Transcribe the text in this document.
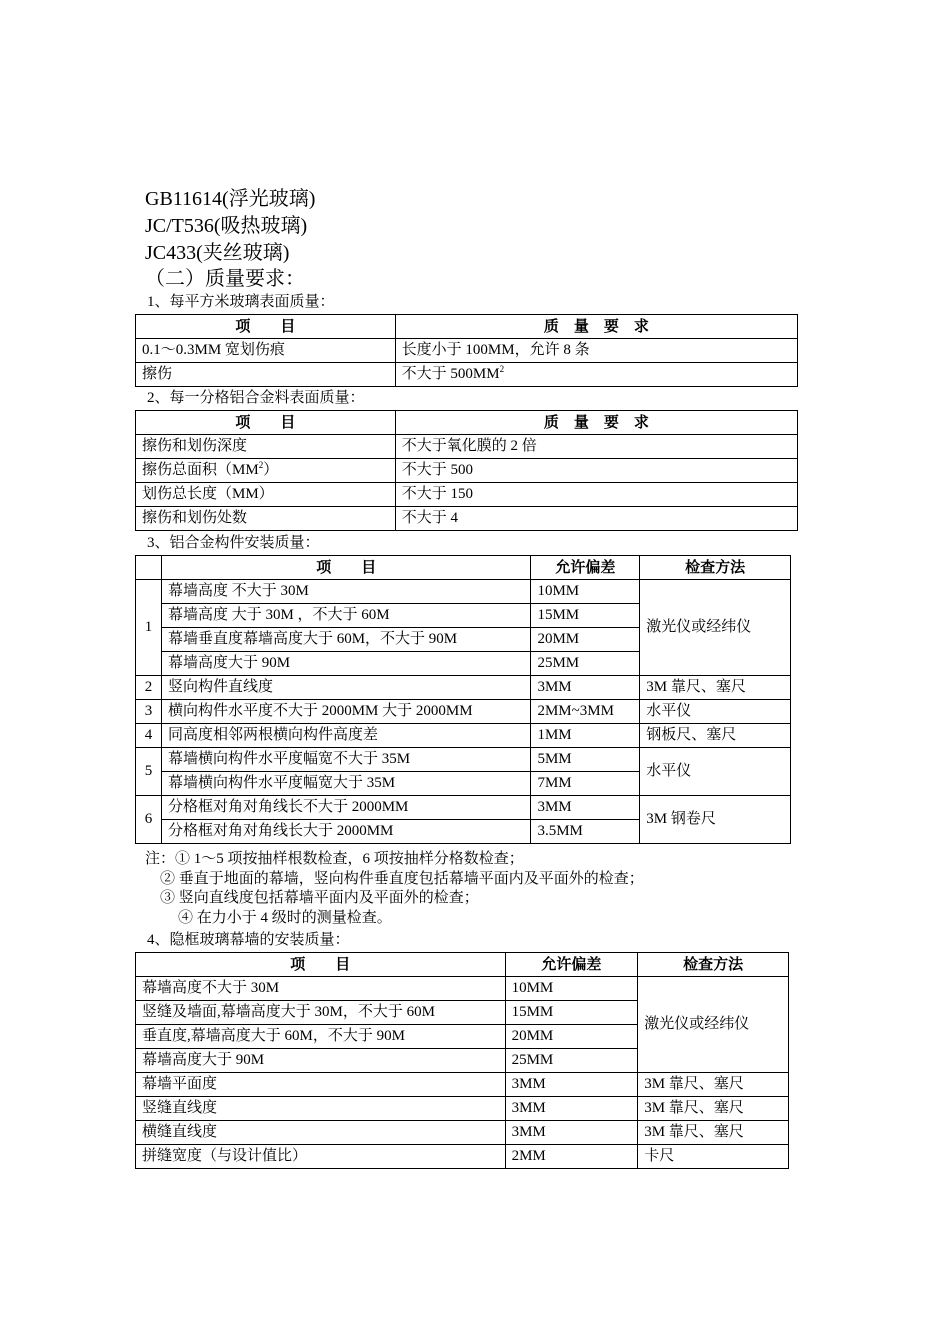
GB11614(浮光玻璃)
JC/T536(吸热玻璃)
JC433(夹丝玻璃)
（二）质量要求：
1、每平方米玻璃表面质量：
项　　目	质　量　要　求
0.1～0.3MM 宽划伤痕	长度小于 100MM，允许 8 条
擦伤	不大于 $500MM^2$
2、每一分格铝合金料表面质量：
项　　目	质　量　要　求
擦伤和划伤深度	不大于氧化膜的 2 倍
擦伤总面积$(MM^2)$	不大于 500
划伤总长度（MM）	不大于 150
擦伤和划伤处数	不大于 4
3、铝合金构件安装质量：
	项　　目	允许偏差	检查方法
1	幕墙高度 不大于 30M	10MM	激光仪或经纬仪
	幕墙高度 大于 30M ，不大于 60M	15MM	
	幕墙垂直度幕墙高度大于 60M，不大于 90M	20MM	
	幕墙高度大于 90M	25MM	
2	竖向构件直线度	3MM	3M 靠尺、塞尺
3	横向构件水平度不大于 2000MM 大于 2000MM	2MM~3MM	水平仪
4	同高度相邻两根横向构件高度差	1MM	钢板尺、塞尺
5	幕墙横向构件水平度幅宽不大于 35M	5MM	水平仪
	幕墙横向构件水平度幅宽大于 35M	7MM	
6	分格框对角对角线长不大于 2000MM	3MM	3M 钢卷尺
	分格框对角对角线长大于 2000MM	3.5MM	
注：① 1～5 项按抽样根数检查，6 项按抽样分格数检查；
② 垂直于地面的幕墙，竖向构件垂直度包括幕墙平面内及平面外的检查；
③ 竖向直线度包括幕墙平面内及平面外的检查；
④ 在力小于 4 级时的测量检查。
4、隐框玻璃幕墙的安装质量：
项　　目	允许偏差	检查方法
幕墙高度不大于 30M	10MM	激光仪或经纬仪
竖缝及墙面,幕墙高度大于 30M，不大于 60M	15MM	
垂直度,幕墙高度大于 60M，不大于 90M	20MM	
幕墙高度大于 90M	25MM	
幕墙平面度	3MM	3M 靠尺、塞尺
竖缝直线度	3MM	3M 靠尺、塞尺
横缝直线度	3MM	3M 靠尺、塞尺
拼缝宽度（与设计值比）	2MM	卡尺
